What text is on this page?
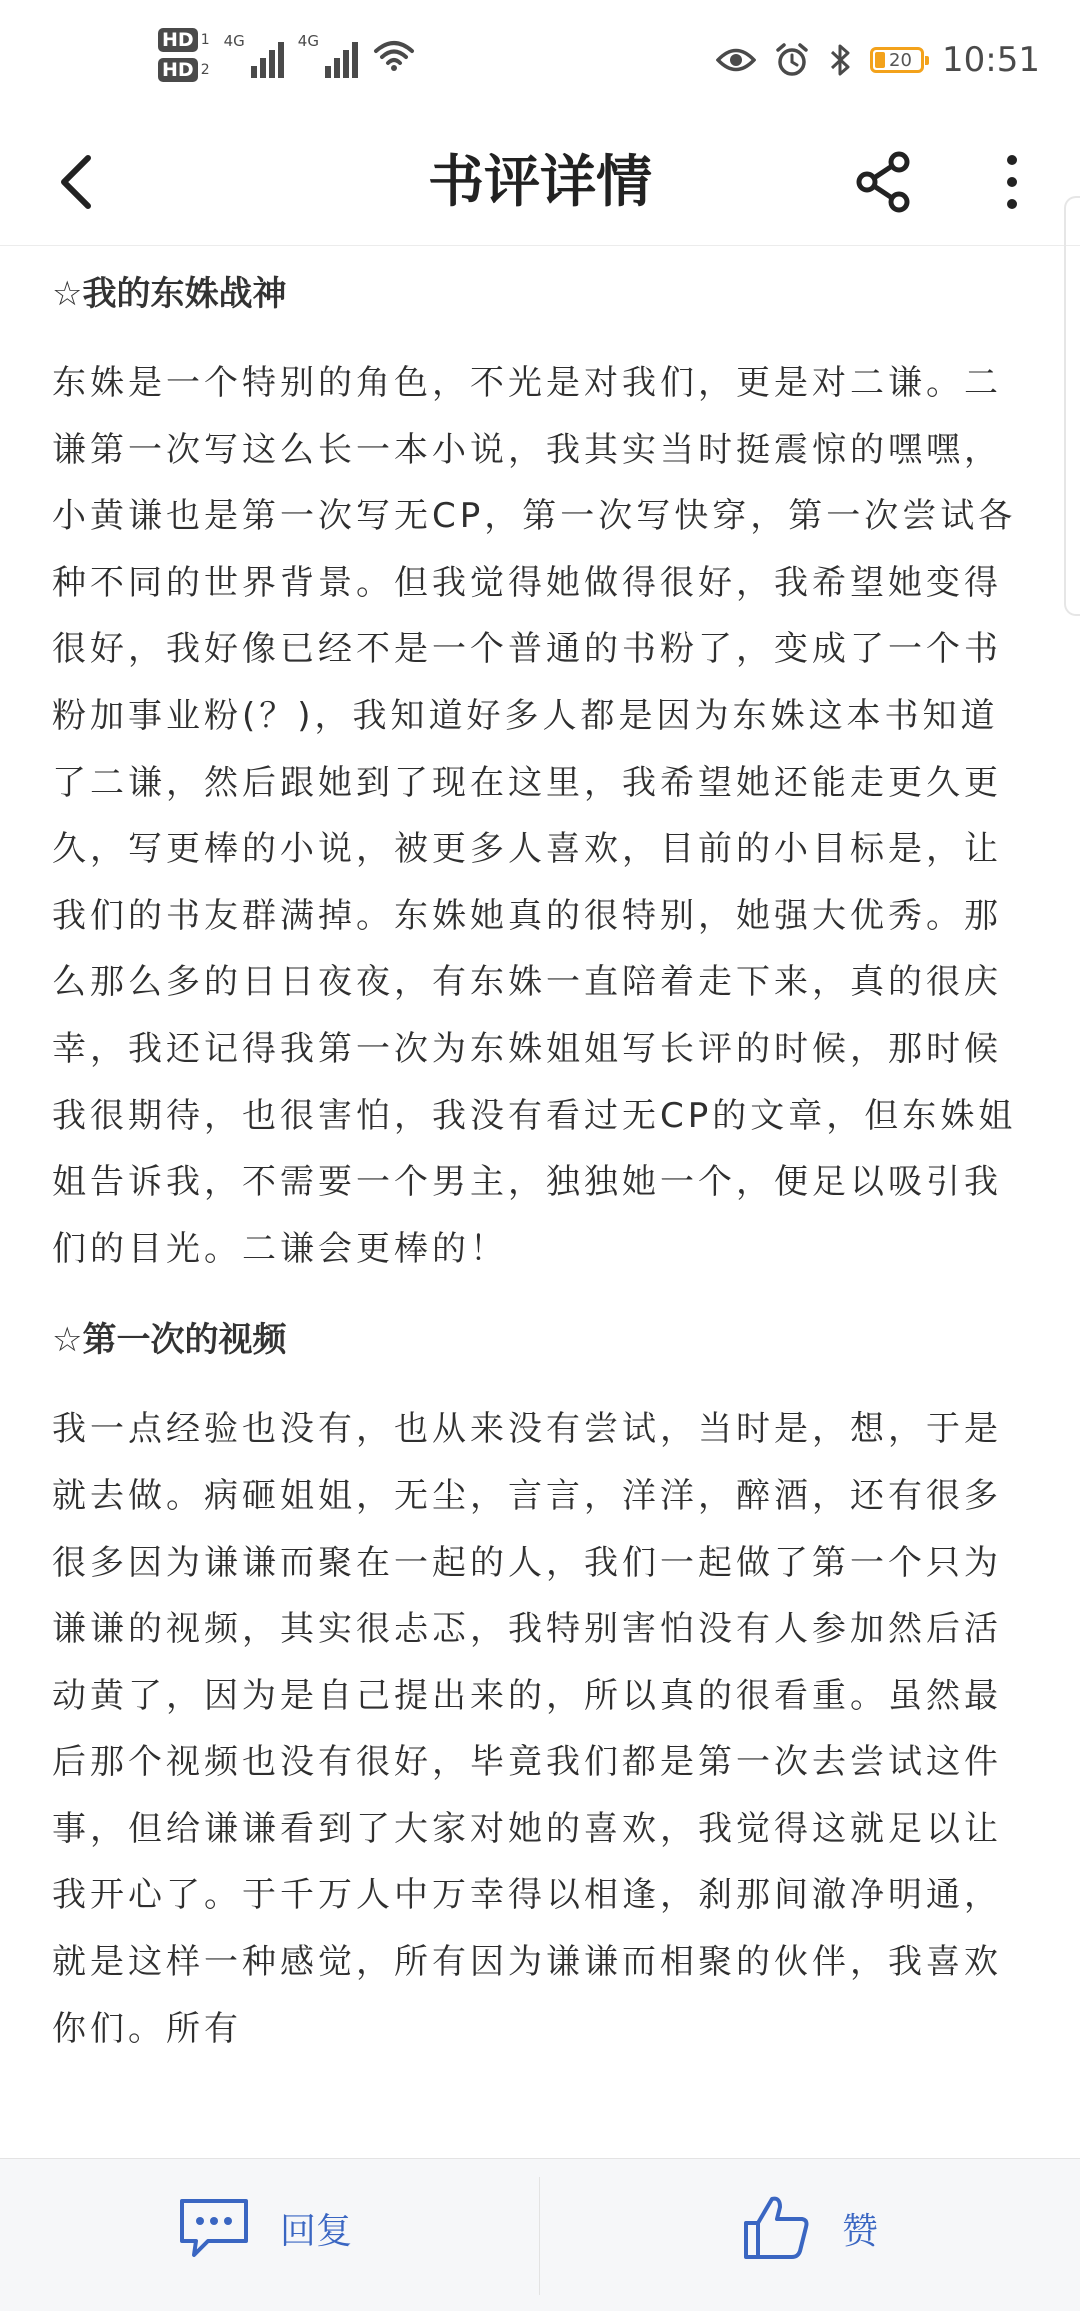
HD 1
HD 2
4G	4G
20 10:51
书评详情
☆我的东姝战神

东姝是一个特别的角色，不光是对我们，更是对二谦。二谦第一次写这么长一本小说，我其实当时挺震惊的嘿嘿，小黄谦也是第一次写无CP，第一次写快穿，第一次尝试各种不同的世界背景。但我觉得她做得很好，我希望她变得很好，我好像已经不是一个普通的书粉了，变成了一个书粉加事业粉(？)，我知道好多人都是因为东姝这本书知道了二谦，然后跟她到了现在这里，我希望她还能走更久更久，写更棒的小说，被更多人喜欢，目前的小目标是，让我们的书友群满掉。东姝她真的很特别，她强大优秀。那么那么多的日日夜夜，有东姝一直陪着走下来，真的很庆幸，我还记得我第一次为东姝姐姐写长评的时候，那时候我很期待，也很害怕，我没有看过无CP的文章，但东姝姐姐告诉我，不需要一个男主，独独她一个，便足以吸引我们的目光。二谦会更棒的！

☆第一次的视频

我一点经验也没有，也从来没有尝试，当时是，想，于是就去做。病砸姐姐，无尘，言言，洋洋，醉酒，还有很多很多因为谦谦而聚在一起的人，我们一起做了第一个只为谦谦的视频，其实很忐忑，我特别害怕没有人参加然后活动黄了，因为是自己提出来的，所以真的很看重。虽然最后那个视频也没有很好，毕竟我们都是第一次去尝试这件事，但给谦谦看到了大家对她的喜欢，我觉得这就足以让我开心了。于千万人中万幸得以相逢，刹那间澈净明通，就是这样一种感觉，所有因为谦谦而相聚的伙伴，我喜欢你们。所有

回复	赞
